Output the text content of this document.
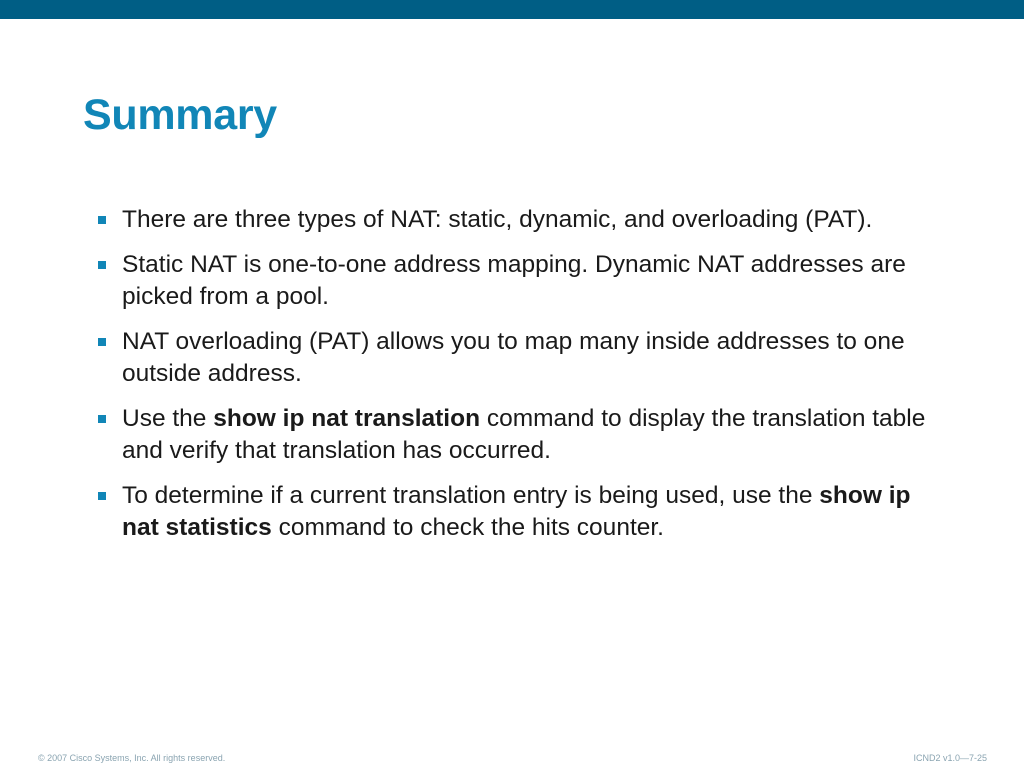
Summary
There are three types of NAT: static, dynamic, and overloading (PAT).
Static NAT is one-to-one address mapping. Dynamic NAT addresses are picked from a pool.
NAT overloading (PAT) allows you to map many inside addresses to one outside address.
Use the show ip nat translation command to display the translation table and verify that translation has occurred.
To determine if a current translation entry is being used, use the show ip nat statistics command to check the hits counter.
© 2007 Cisco Systems, Inc. All rights reserved.	ICND2 v1.0—7-25
